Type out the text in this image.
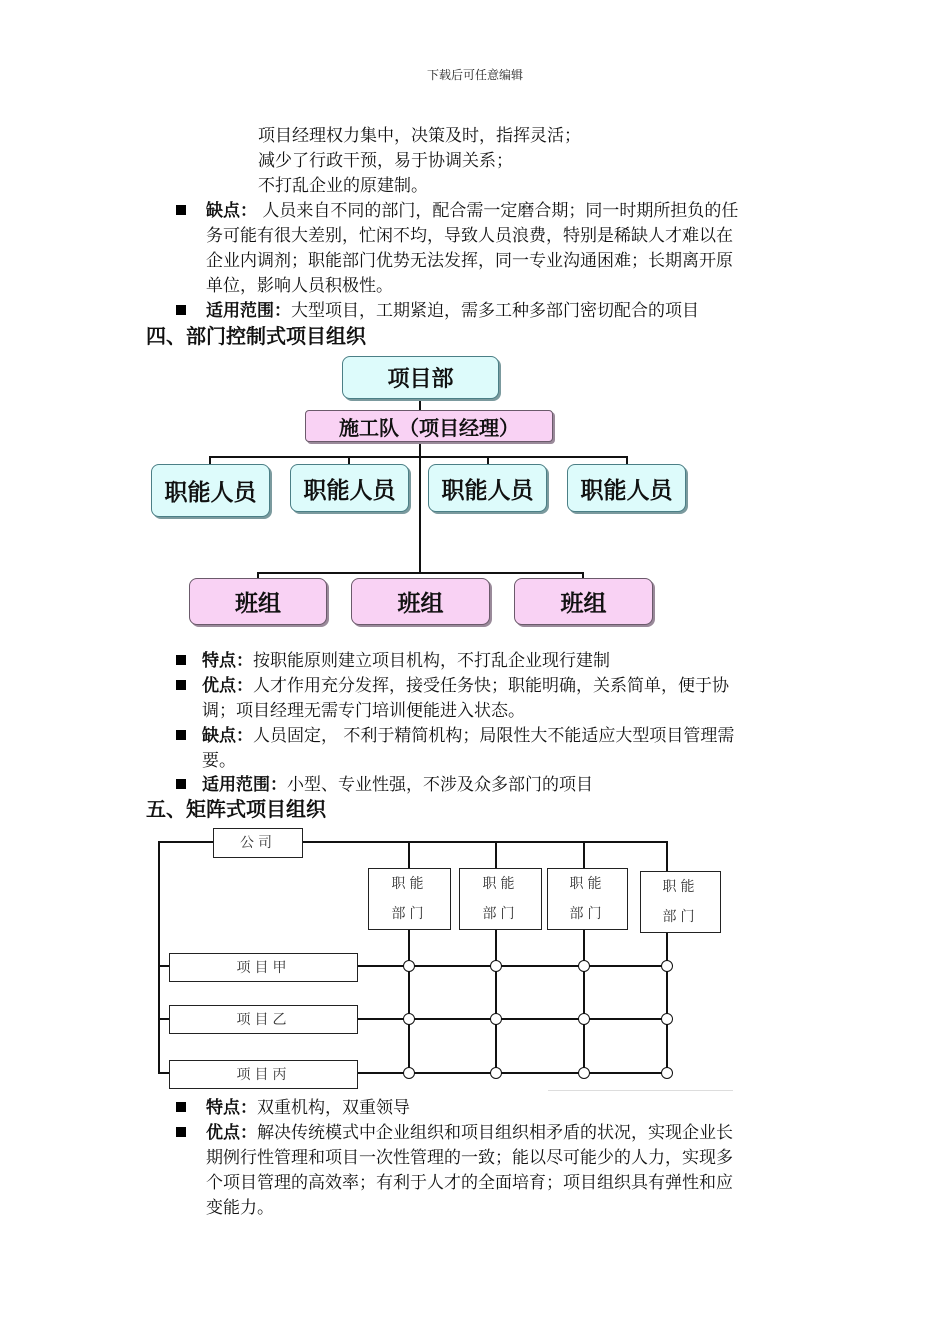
下载后可任意编辑
项目经理权力集中，决策及时，指挥灵活；
减少了行政干预，易于协调关系；
不打乱企业的原建制。
缺点： 人员来自不同的部门，配合需一定磨合期；同一时期所担负的任
务可能有很大差别，忙闲不均，导致人员浪费，特别是稀缺人才难以在
企业内调剂；职能部门优势无法发挥，同一专业沟通困难；长期离开原
单位，影响人员积极性。
适用范围：大型项目，工期紧迫，需多工种多部门密切配合的项目
四、部门控制式项目组织
项目部
施工队（项目经理）
职能人员	职能人员	职能人员	职能人员
班组	班组	班组
特点：按职能原则建立项目机构，不打乱企业现行建制
优点：人才作用充分发挥，接受任务快；职能明确，关系简单，便于协
调；项目经理无需专门培训便能进入状态。
缺点：人员固定， 不利于精简机构；局限性大不能适应大型项目管理需
要。
适用范围：小型、专业性强，不涉及众多部门的项目
五、矩阵式项目组织
公司
职能
部门
职能
部门
职能
部门
职能
部门
项目甲
项目乙
项目丙
特点：双重机构，双重领导
优点：解决传统模式中企业组织和项目组织相矛盾的状况，实现企业长
期例行性管理和项目一次性管理的一致；能以尽可能少的人力，实现多
个项目管理的高效率；有利于人才的全面培育；项目组织具有弹性和应
变能力。
